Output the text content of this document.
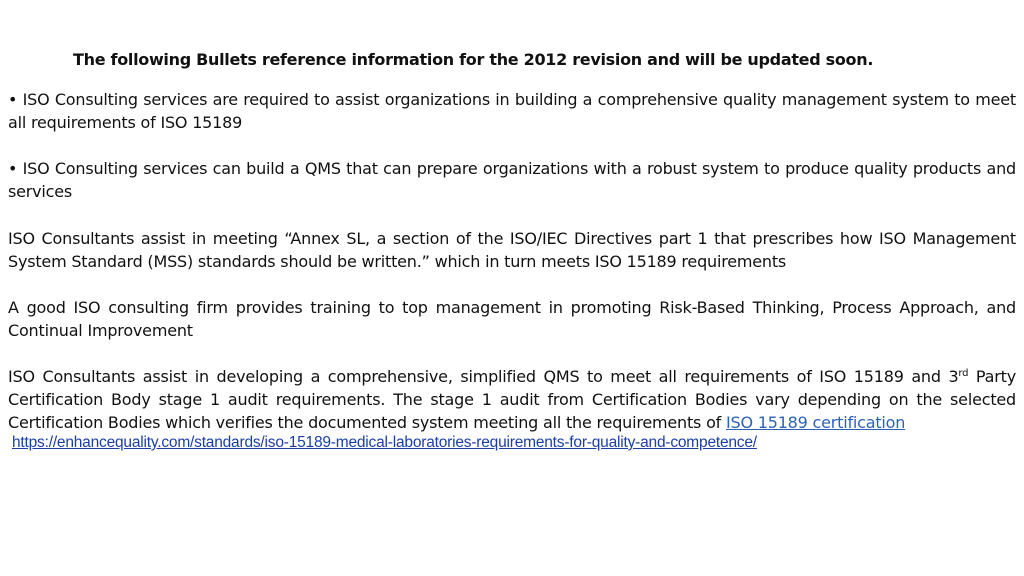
The following Bullets reference information for the 2012 revision and will be updated soon.
• ISO Consulting services are required to assist organizations in building a comprehensive quality management system to meet all requirements of ISO 15189
• ISO Consulting services can build a QMS that can prepare organizations with a robust system to produce quality products and services
ISO Consultants assist in meeting “Annex SL, a section of the ISO/IEC Directives part 1 that prescribes how ISO Management System Standard (MSS) standards should be written.” which in turn meets ISO 15189 requirements
A good ISO consulting firm provides training to top management in promoting Risk-Based Thinking, Process Approach, and Continual Improvement
ISO Consultants assist in developing a comprehensive, simplified QMS to meet all requirements of ISO 15189 and 3rd Party Certification Body stage 1 audit requirements. The stage 1 audit from Certification Bodies vary depending on the selected Certification Bodies which verifies the documented system meeting all the requirements of ISO 15189 certification
https://enhancequality.com/standards/iso-15189-medical-laboratories-requirements-for-quality-and-competence/
